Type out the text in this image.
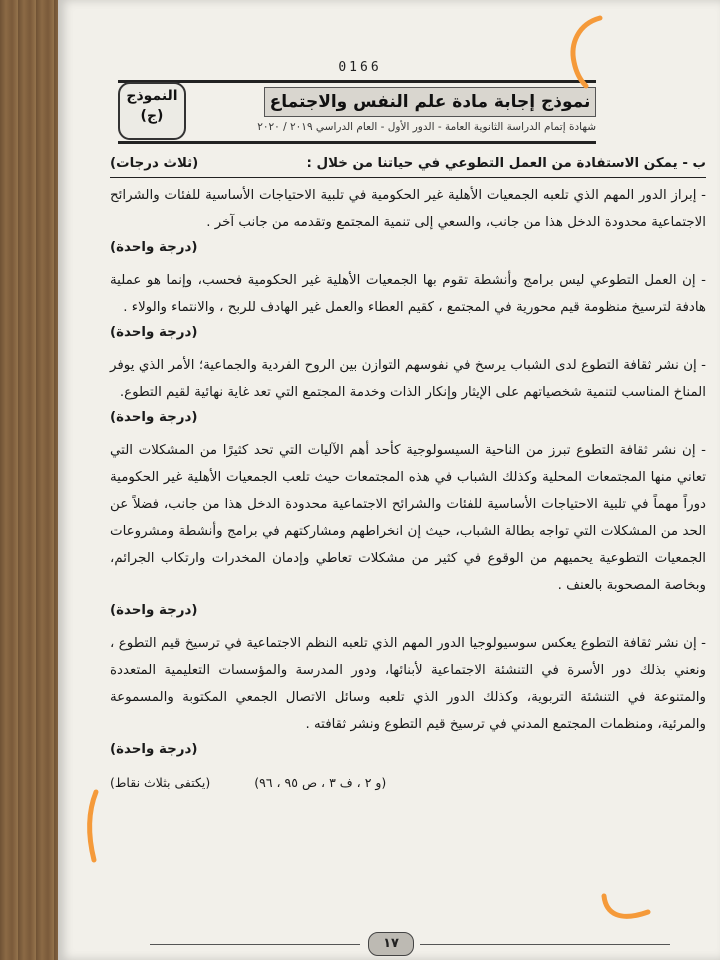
0166
نموذج إجابة مادة علم النفس والاجتماع
شهادة إتمام الدراسة الثانوية العامة - الدور الأول - العام الدراسي ٢٠١٩ / ٢٠٢٠
النموذج
(ج)
ب - يمكن الاستفادة من العمل التطوعي في حياتنا من خلال :
(ثلاث درجات)
- إبراز الدور المهم الذي تلعبه الجمعيات الأهلية غير الحكومية في تلبية الاحتياجات الأساسية للفئات والشرائح الاجتماعية محدودة الدخل هذا من جانب، والسعي إلى تنمية المجتمع وتقدمه من جانب آخر .
(درجة واحدة)
- إن العمل التطوعي ليس برامج وأنشطة تقوم بها الجمعيات الأهلية غير الحكومية فحسب، وإنما هو عملية هادفة لترسيخ منظومة قيم محورية في المجتمع ، كقيم العطاء والعمل غير الهادف للربح ، والانتماء والولاء .
(درجة واحدة)
- إن نشر ثقافة التطوع لدى الشباب يرسخ في نفوسهم التوازن بين الروح الفردية والجماعية؛ الأمر الذي يوفر المناخ المناسب لتنمية شخصياتهم على الإيثار وإنكار الذات وخدمة المجتمع التي تعد غاية نهائية لقيم التطوع.
(درجة واحدة)
- إن نشر ثقافة التطوع تبرز من الناحية السيسولوجية كأحد أهم الآليات التي تحد كثيرًا من المشكلات التي تعاني منها المجتمعات المحلية وكذلك الشباب في هذه المجتمعات حيث تلعب الجمعيات الأهلية غير الحكومية دوراً مهماً في تلبية الاحتياجات الأساسية للفئات والشرائح الاجتماعية محدودة الدخل هذا من جانب، فضلاً عن الحد من المشكلات التي تواجه بطالة الشباب، حيث إن انخراطهم ومشاركتهم في برامج وأنشطة ومشروعات الجمعيات التطوعية يحميهم من الوقوع في كثير من مشكلات تعاطي وإدمان المخدرات وارتكاب الجرائم، وبخاصة المصحوبة بالعنف .
(درجة واحدة)
- إن نشر ثقافة التطوع يعكس سوسيولوجيا الدور المهم الذي تلعبه النظم الاجتماعية في ترسيخ قيم التطوع ، ونعني بذلك دور الأسرة في التنشئة الاجتماعية لأبنائها، ودور المدرسة والمؤسسات التعليمية المتعددة والمتنوعة في التنشئة التربوية، وكذلك الدور الذي تلعبه وسائل الاتصال الجمعي المكتوبة والمسموعة والمرئية، ومنظمات المجتمع المدني في ترسيخ قيم التطوع ونشر ثقافته .
(درجة واحدة)
(و ٢ ، ف ٣ ، ص ٩٥ ، ٩٦) (يكتفى بثلاث نقاط)
١٧
